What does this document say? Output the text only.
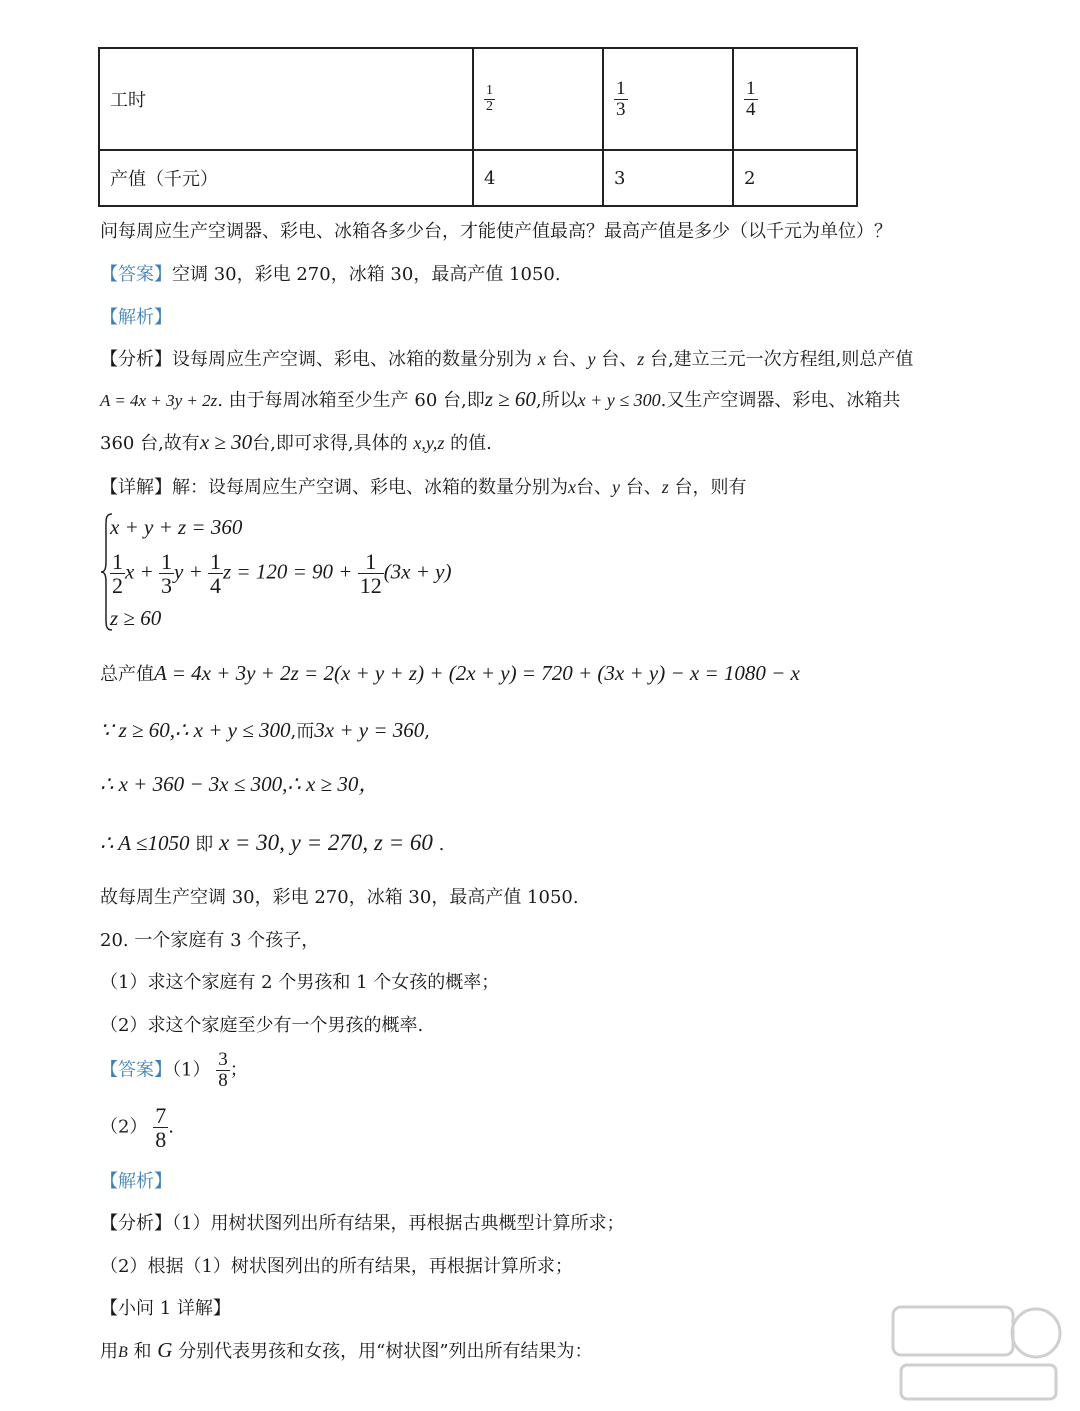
工时	$\frac{1}{2}$	$\frac{1}{3}$	$\frac{1}{4}$

产值（千元）	4	3	2
问每周应生产空调器、彩电、冰箱各多少台，才能使产值最高？最高产值是多少（以千元为单位）？
【答案】空调 30，彩电 270，冰箱 30，最高产值 1050.
【解析】
【分析】设每周应生产空调、彩电、冰箱的数量分别为 x 台、y 台、z 台,建立三元一次方程组,则总产值
A = 4x + 3y + 2z. 由于每周冰箱至少生产 60 台,即z ≥ 60,所以x + y ≤ 300.又生产空调器、彩电、冰箱共
360 台,故有x ≥ 30台,即可求得,具体的 x,y,z 的值.
【详解】解：设每周应生产空调、彩电、冰箱的数量分别为x台、y 台、z 台，则有
x + y + z = 360
$\frac{1}{2}$ $x + \frac{1}{3}$ $y + \frac{1}{4}$ $z = 120 = 90 + \frac{1}{12} (3x + y)$
z ≥ 60
总产值A = 4x + 3y + 2z = 2(x + y + z) + (2x + y) = 720 + (3x + y) − x = 1080 − x
∵ z ≥ 60,∴ x + y ≤ 300,而3x + y = 360,
∴ x + 360 − 3x ≤ 300,∴ x ≥ 30，
∴ A ≤1050 即 x = 30, y = 270, z = 60 .
故每周生产空调 30，彩电 270，冰箱 30，最高产值 1050.
20. 一个家庭有 3 个孩子，
（1）求这个家庭有 2 个男孩和 1 个女孩的概率；
（2）求这个家庭至少有一个男孩的概率.
【答案】$(1) \frac{3}{8}$ ；
$(2) \frac{7}{8}$ .
【解析】
【分析】（1）用树状图列出所有结果，再根据古典概型计算所求；
（2）根据（1）树状图列出的所有结果，再根据计算所求；
【小问 1 详解】
用B 和 G 分别代表男孩和女孩，用“树状图”列出所有结果为：
